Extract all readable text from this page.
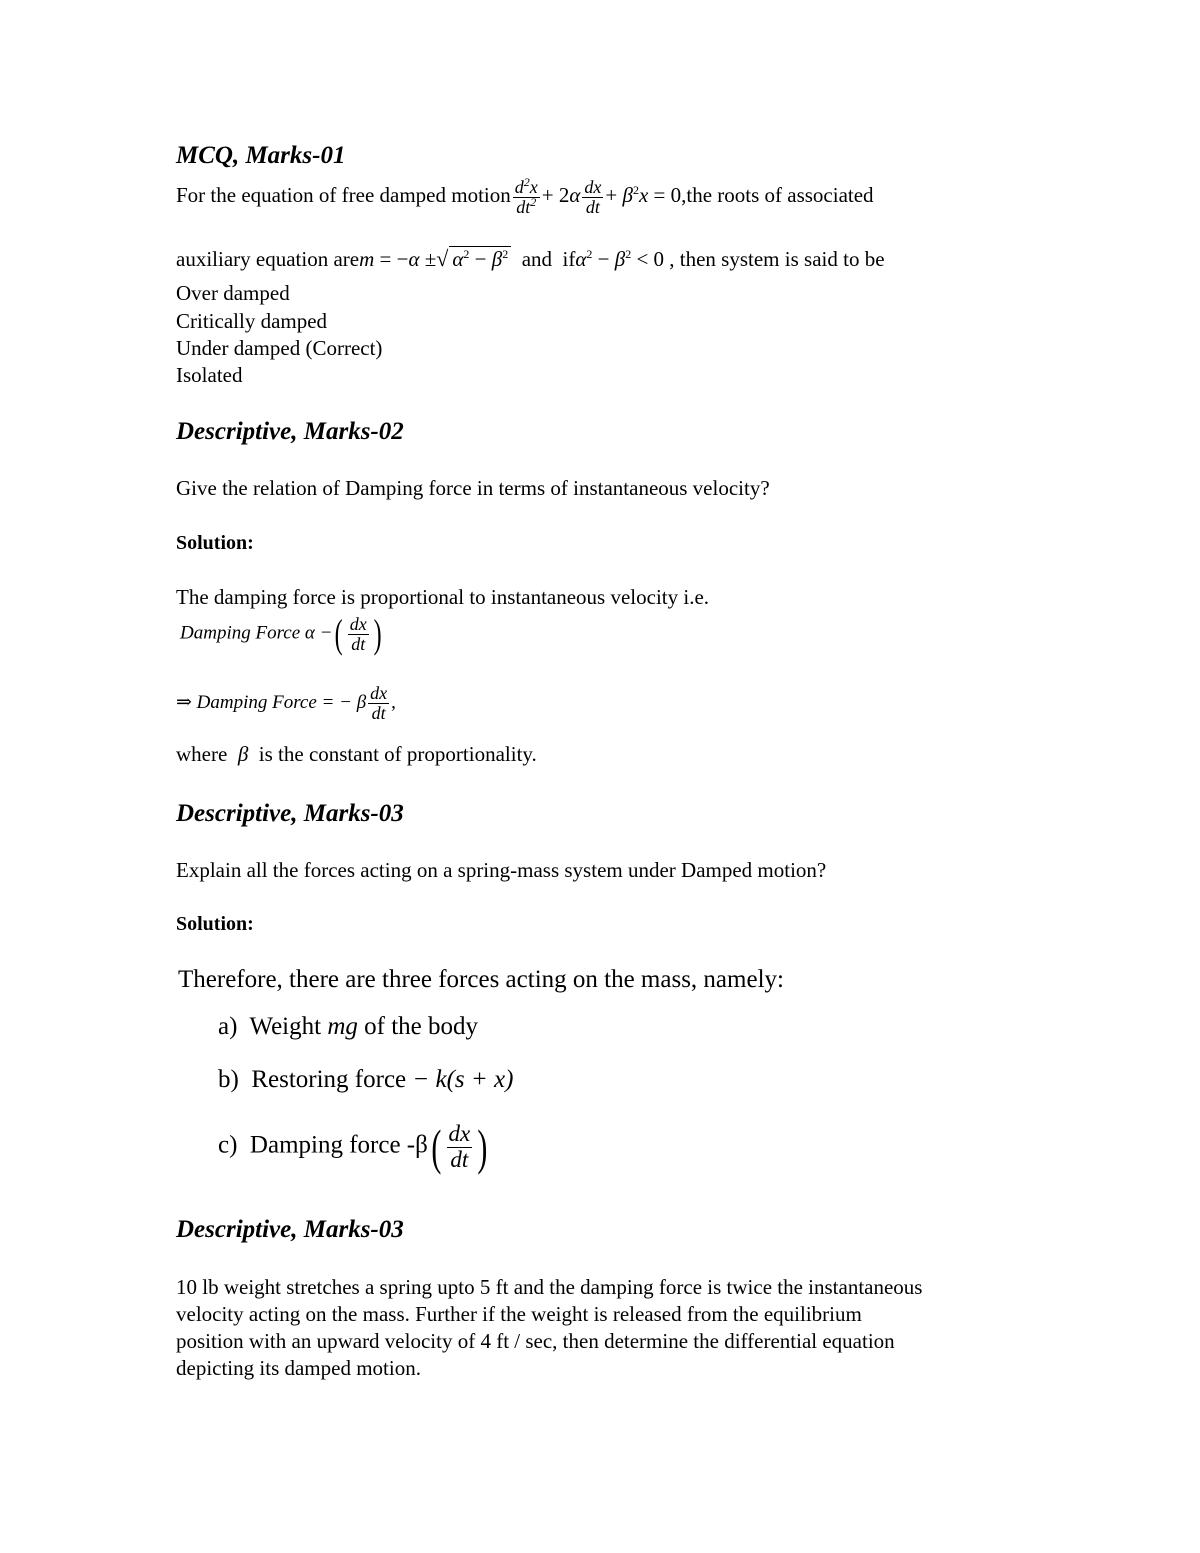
MCQ, Marks-01
For the equation of free damped motion $\frac{d^2x}{dt^2} + 2\alpha \frac{dx}{dt} + \beta^2x = 0,the$ roots of associated
auxiliary equation arem = −α ±√ $\alpha^2 - \beta^2$ and $if\alpha^2 - \beta^2 < 0$ , then system is said to be
Over damped
Critically damped
Under damped (Correct)
Isolated
Descriptive, Marks-02
Give the relation of Damping force in terms of instantaneous velocity?
Solution:
The damping force is proportional to instantaneous velocity i.e.
Damping Force α −( $\frac{dx}{dt}$ )
⇒ Damping Force = − β $\frac{dx}{dt}$ ,
where β is the constant of proportionality.
Descriptive, Marks-03
Explain all the forces acting on a spring-mass system under Damped motion?
Solution:
Therefore, there are three forces acting on the mass, namely:
a) Weight mg of the body
b) Restoring force − k(s + x)
c) Damping force $-\beta( \frac{dx}{dt}$ )
Descriptive, Marks-03
10 lb weight stretches a spring upto 5 ft and the damping force is twice the instantaneous
velocity acting on the mass. Further if the weight is released from the equilibrium
position with an upward velocity of 4 ft / sec, then determine the differential equation
depicting its damped motion.
